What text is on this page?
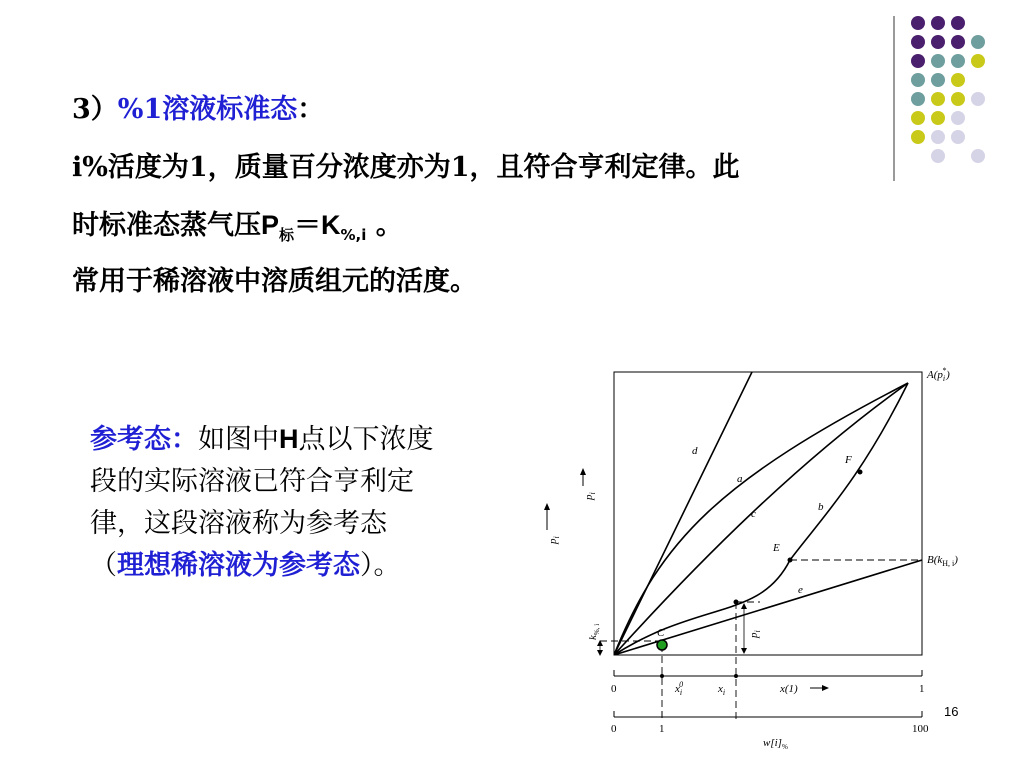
3）%1溶液标准态：
i%活度为1，质量百分浓度亦为1，且符合亨利定律。此
时标准态蒸气压$P_标=K_{\%,i}$ 。
常用于稀溶液中溶质组元的活度。
参考态：如图中H点以下浓度段的实际溶液已符合亨利定律，这段溶液称为参考态（理想稀溶液为参考态）。
d
a
c
b
e
F
E
C
$A(p_i*)$
$B(k_{H, i})$
$p_i$
$p_i$
$k_{\%, i}$
$p_i$
0	1
$x_i0$	$x_i$	x(1)
0	1	100
$w[i]_{\%}$
16
